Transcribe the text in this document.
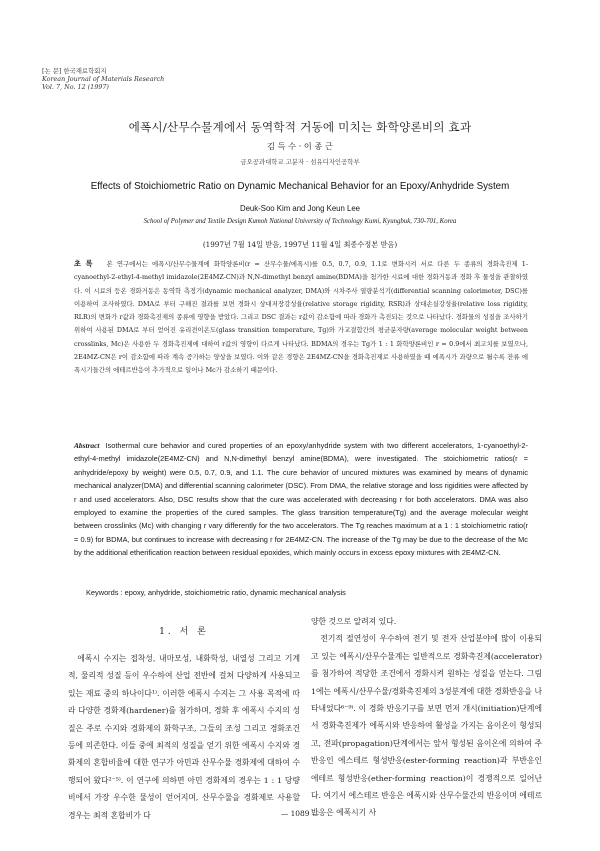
[논 문] 한국재료학회지
Korean Journal of Materials Research
Vol. 7, No. 12 (1997)
에폭시/산무수물계에서 동역학적 거동에 미치는 화학양론비의 효과
김 득 수 · 이 종 근
금오공과대학교 고분자 · 섬유디자인공학부
Effects of Stoichiometric Ratio on Dynamic Mechanical Behavior for an Epoxy/Anhydride System
Deuk-Soo Kim and Jong Keun Lee
School of Polymer and Textile Design Kumoh National University of Technology Kumi, Kyungbuk, 730-701, Korea
(1997년 7월 14일 받음, 1997년 11월 4일 최종수정본 받음)
초 록 본 연구에서는 에폭시/산무수물계에 화학양론비(r = 산무수물/에폭시)를 0.5, 0.7, 0.9, 1.1로 변화시켜 서로 다른 두 종류의 경화촉진제 1-cyanoethyl-2-ethyl-4-methyl imidazole(2E4MZ-CN)과 N,N-dimethyl benzyl amine(BDMA)을 첨가한 시료에 대한 경화거동과 경화 후 물성을 관찰하였다. 이 시료의 등온 경화거동은 동역학 측정기(dynamic mechanical analyzer, DMA)와 시차주사 열량분석기(differential scanning calorimeter, DSC)를 이용하여 조사하였다. DMA로 부터 구해진 결과를 보면 경화시 상대저장강성율(relative storage rigidity, RSR)과 상대손실강성율(relative loss rigidity, RLR)의 변화가 r값과 경화촉진제의 종류에 영향을 받았다. 그리고 DSC 결과는 r값이 감소함에 따라 경화가 촉진되는 것으로 나타났다. 경화물의 성질을 조사하기 위하여 사용된 DMA로 부터 얻어진 유리전이온도(glass transition temperature, Tg)와 가교결합간의 평균분자량(average molecular weight between crosslinks, Mc)은 사용한 두 경화촉진제에 대하여 r값의 영향이 다르게 나타났다. BDMA의 경우는 Tg가 1 : 1 화학양론비인 r = 0.9에서 최고치를 보였으나, 2E4MZ-CN은 r이 감소함에 따라 계속 증가하는 양상을 보였다. 이와 같은 경향은 2E4MZ-CN을 경화촉진제로 사용하였을 때 에폭시가 과량으로 될수록 잔류 에폭시기들간의 에테르반응이 추가적으로 일어나 Mc가 감소하기 때문이다.
Abstract Isothermal cure behavior and cured properties of an epoxy/anhydride system with two different accelerators, 1-cyanoethyl-2-ethyl-4-methyl imidazole(2E4MZ-CN) and N,N-dimethyl benzyl amine(BDMA), were investigated. The stoichiometric ratios(r = anhydride/epoxy by weight) were 0.5, 0.7, 0.9, and 1.1. The cure behavior of uncured mixtures was examined by means of dynamic mechanical analyzer(DMA) and differential scanning calorimeter (DSC). From DMA, the relative storage and loss rigidities were affected by r and used accelerators. Also, DSC results show that the cure was accelerated with decreasing r for both accelerators. DMA was also employed to examine the properties of the cured samples. The glass transition temperature(Tg) and the average molecular weight between crosslinks (Mc) with changing r vary differently for the two accelerators. The Tg reaches maximum at a 1 : 1 stoichiometric ratio(r = 0.9) for BDMA, but continues to increase with decreasing r for 2E4MZ-CN. The increase of the Tg may be due to the decrease of the Mc by the additional etherification reaction between residual epoxides, which mainly occurs in excess epoxy mixtures with 2E4MZ-CN.
Keywords : epoxy, anhydride, stoichiometric ratio, dynamic mechanical analysis
1. 서 론

에폭시 수지는 접착성, 내마모성, 내화학성, 내열성 그리고 기계적, 물리적 성질 등이 우수하여 산업 전반에 걸쳐 다양하게 사용되고 있는 재료 중의 하나이다¹⁾. 이러한 에폭시 수지는 그 사용 목적에 따라 다양한 경화제(hardener)를 첨가하며, 경화 후 에폭시 수지의 성질은 주로 수지와 경화제의 화학구조, 그들의 조성 그리고 경화조건 등에 의존한다. 이들 중에 최적의 성질을 얻기 위한 에폭시 수지와 경화제의 혼합비율에 대한 연구가 아민과 산무수물 경화제에 대하여 수행되어 왔다²⁻⁵⁾. 이 연구에 의하면 아민 경화제의 경우는 1 : 1 당량비에서 가장 우수한 물성이 얻어지며, 산무수물을 경화제로 사용할 경우는 최적 혼합비가 다

양한 것으로 알려져 있다.

전기적 절연성이 우수하여 전기 및 전자 산업분야에 많이 이용되고 있는 에폭시/산무수물계는 일반적으로 경화촉진제(accelerator)를 첨가하여 적당한 조건에서 경화시켜 원하는 성질을 얻는다. 그림 1에는 에폭시/산무수물/경화촉진제의 3성분계에 대한 경화반응을 나타내었다⁶⁻⁹⁾. 이 경화 반응기구를 보면 먼저 개시(initiation)단계에서 경화촉진제가 에폭시와 반응하여 활성을 가지는 음이온이 형성되고, 전파(propagation)단계에서는 앞서 형성된 음이온에 의하여 주반응인 에스테르 형성반응(ester-forming reaction)과 부반응인 에테르 형성반응(ether-forming reaction)이 경쟁적으로 일어난다. 여기서 에스테르 반응은 에폭시와 산무수물간의 반응이며 에테르 반응은 에폭시기 사

— 1089 —
